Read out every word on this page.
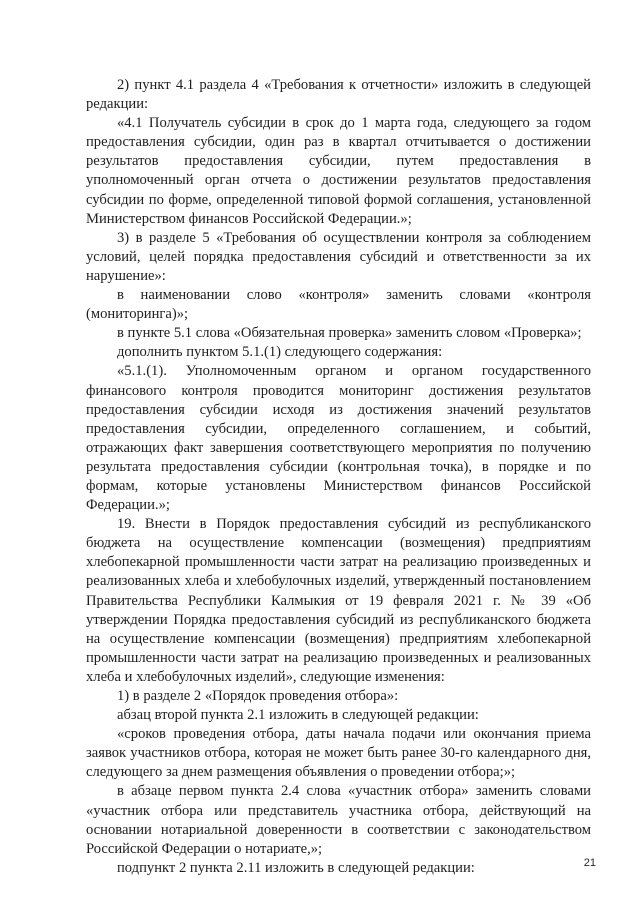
2) пункт 4.1 раздела 4 «Требования к отчетности» изложить в следующей редакции:

«4.1 Получатель субсидии в срок до 1 марта года, следующего за годом предоставления субсидии, один раз в квартал отчитывается о достижении результатов предоставления субсидии, путем предоставления в уполномоченный орган отчета о достижении результатов предоставления субсидии по форме, определенной типовой формой соглашения, установленной Министерством финансов Российской Федерации.»;

3) в разделе 5 «Требования об осуществлении контроля за соблюдением условий, целей порядка предоставления субсидий и ответственности за их нарушение»:

в наименовании слово «контроля» заменить словами «контроля (мониторинга)»;

в пункте 5.1 слова «Обязательная проверка» заменить словом «Проверка»;

дополнить пунктом 5.1.(1) следующего содержания:

«5.1.(1). Уполномоченным органом и органом государственного финансового контроля проводится мониторинг достижения результатов предоставления субсидии исходя из достижения значений результатов предоставления субсидии, определенного соглашением, и событий, отражающих факт завершения соответствующего мероприятия по получению результата предоставления субсидии (контрольная точка), в порядке и по формам, которые установлены Министерством финансов Российской Федерации.»;

19. Внести в Порядок предоставления субсидий из республиканского бюджета на осуществление компенсации (возмещения) предприятиям хлебопекарной промышленности части затрат на реализацию произведенных и реализованных хлеба и хлебобулочных изделий, утвержденный постановлением Правительства Республики Калмыкия от 19 февраля 2021 г. № 39 «Об утверждении Порядка предоставления субсидий из республиканского бюджета на осуществление компенсации (возмещения) предприятиям хлебопекарной промышленности части затрат на реализацию произведенных и реализованных хлеба и хлебобулочных изделий», следующие изменения:

1) в разделе 2 «Порядок проведения отбора»:

абзац второй пункта 2.1 изложить в следующей редакции:

«сроков проведения отбора, даты начала подачи или окончания приема заявок участников отбора, которая не может быть ранее 30-го календарного дня, следующего за днем размещения объявления о проведении отбора;»;

в абзаце первом пункта 2.4 слова «участник отбора» заменить словами «участник отбора или представитель участника отбора, действующий на основании нотариальной доверенности в соответствии с законодательством Российской Федерации о нотариате,»;

подпункт 2 пункта 2.11 изложить в следующей редакции:	21
